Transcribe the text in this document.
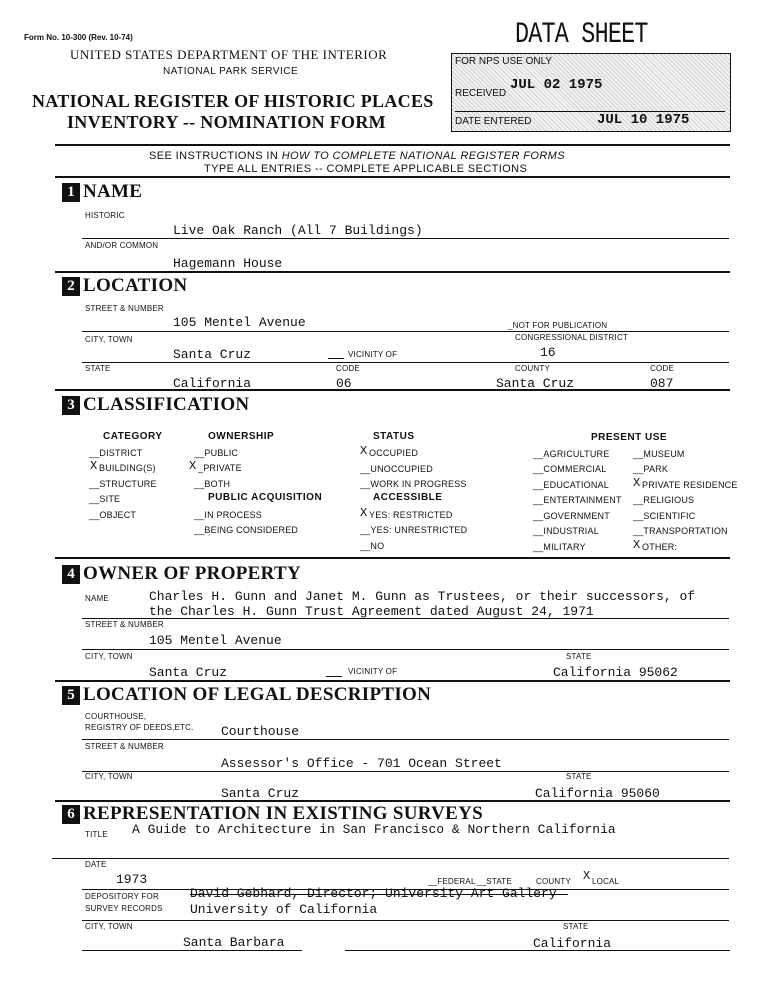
Form No. 10-300 (Rev. 10-74)
UNITED STATES DEPARTMENT OF THE INTERIOR
NATIONAL PARK SERVICE
NATIONAL REGISTER OF HISTORIC PLACES
INVENTORY -- NOMINATION FORM
DATA SHEET
FOR NPS USE ONLY
RECEIVED
JUL 02 1975
DATE ENTERED	JUL 10 1975
SEE INSTRUCTIONS IN HOW TO COMPLETE NATIONAL REGISTER FORMS
TYPE ALL ENTRIES -- COMPLETE APPLICABLE SECTIONS
1 NAME
HISTORIC
Live Oak Ranch (All 7 Buildings)
AND/OR COMMON
Hagemann House
2 LOCATION
STREET & NUMBER
105 Mentel Avenue	_NOT FOR PUBLICATION
CITY, TOWN	CONGRESSIONAL DISTRICT
Santa Cruz	VICINITY OF	16
STATE	CODE	COUNTY	CODE
California	06	Santa Cruz	087
3 CLASSIFICATION
CATEGORY
__DISTRICT
X BUILDING(S)
__STRUCTURE
__SITE
__OBJECT
OWNERSHIP
__PUBLIC
X _PRIVATE
__BOTH
PUBLIC ACQUISITION
__IN PROCESS
__BEING CONSIDERED
STATUS
X OCCUPIED
__UNOCCUPIED
__WORK IN PROGRESS
ACCESSIBLE
X YES: RESTRICTED
__YES: UNRESTRICTED
__NO
PRESENT USE
__AGRICULTURE
__COMMERCIAL
__EDUCATIONAL
__ENTERTAINMENT
__GOVERNMENT
__INDUSTRIAL
__MILITARY
__MUSEUM
__PARK
X PRIVATE RESIDENCE
__RELIGIOUS
__SCIENTIFIC
__TRANSPORTATION
X OTHER:
4 OWNER OF PROPERTY
NAME	Charles H. Gunn and Janet M. Gunn as Trustees, or their successors, of
the Charles H. Gunn Trust Agreement dated August 24, 1971
STREET & NUMBER
105 Mentel Avenue
CITY, TOWN	STATE
Santa Cruz	VICINITY OF	California 95062
5 LOCATION OF LEGAL DESCRIPTION
COURTHOUSE,
REGISTRY OF DEEDS,ETC. Courthouse
STREET & NUMBER
Assessor's Office - 701 Ocean Street
CITY, TOWN	STATE
Santa Cruz	California 95060
6 REPRESENTATION IN EXISTING SURVEYS
TITLE A Guide to Architecture in San Francisco & Northern California
DATE
1973	__FEDERAL __STATE	COUNTY X LOCAL
DEPOSITORY FOR
SURVEY RECORDS
David Gebhard, Director; University Art Gallery
University of California
CITY, TOWN	STATE
Santa Barbara	California
